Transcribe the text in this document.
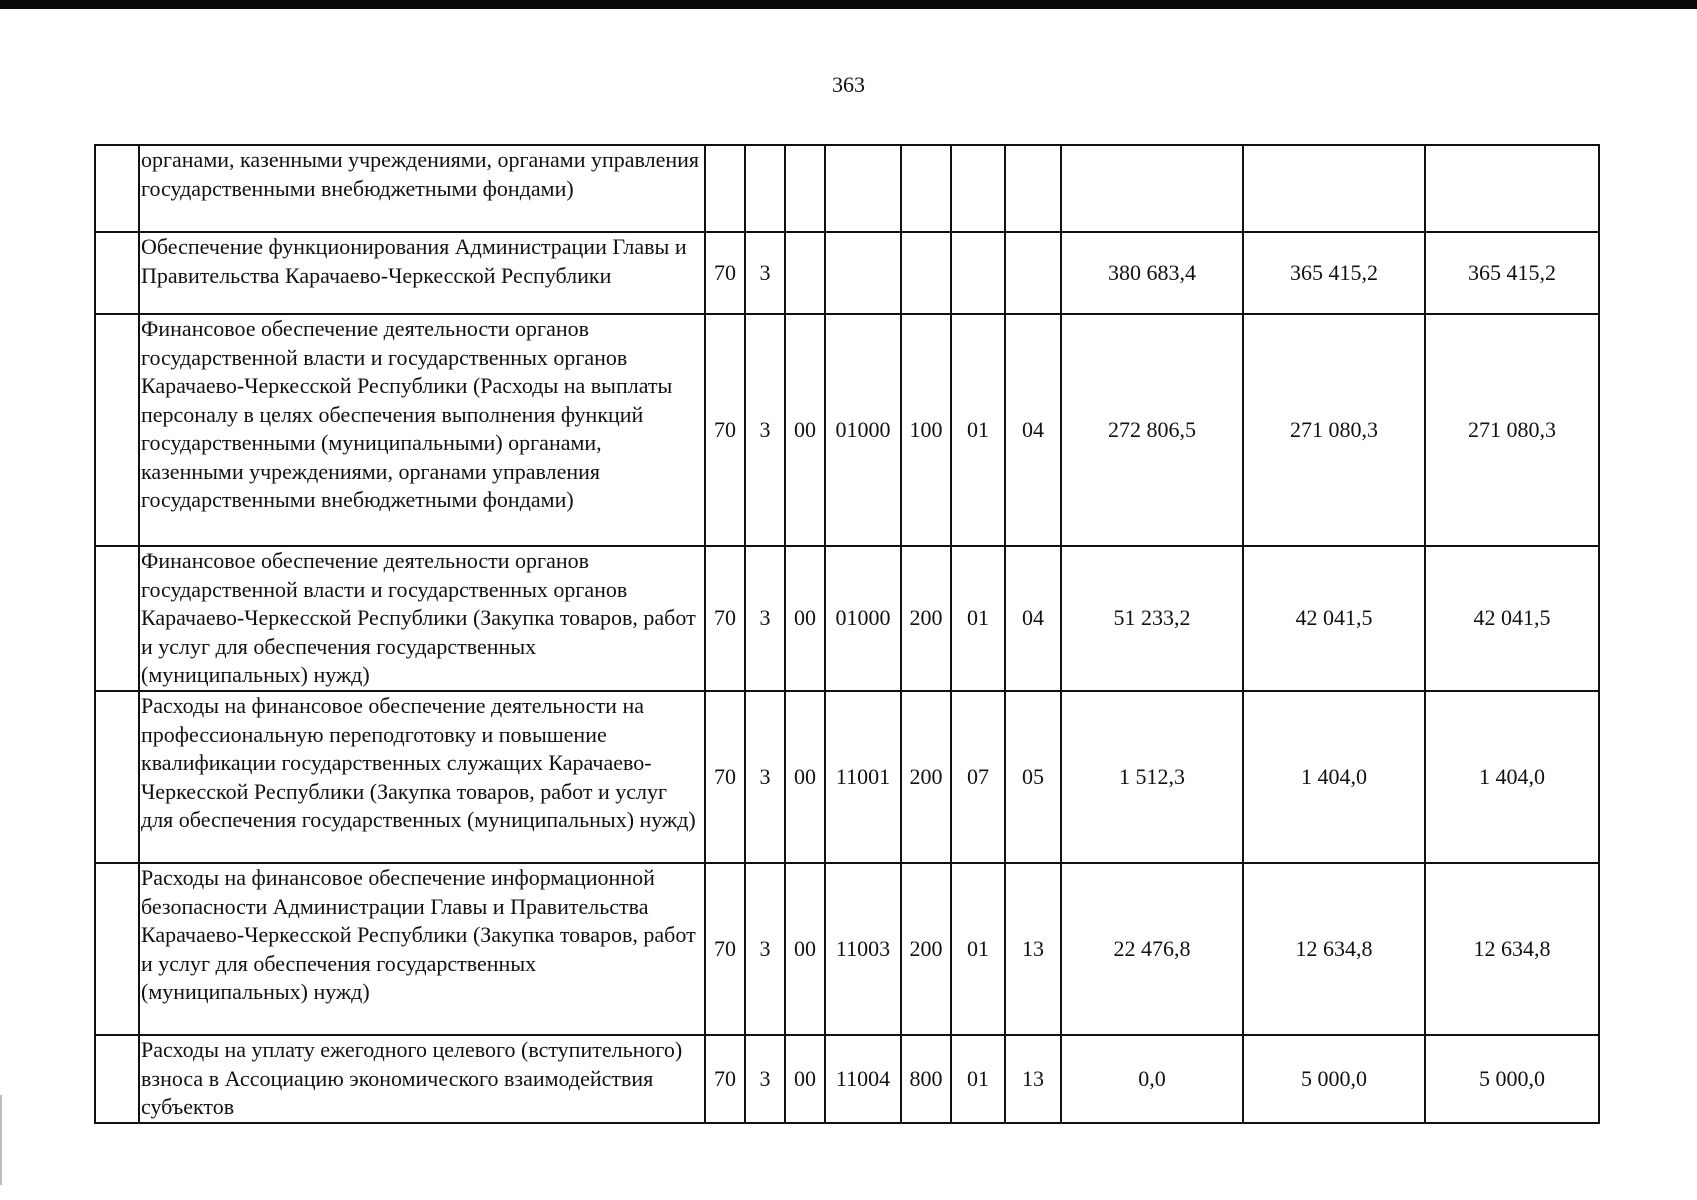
363
	органами, казенными учреждениями, органами управления государственными внебюджетными фондами)										
	Обеспечение функционирования Администрации Главы и Правительства Карачаево-Черкесской Республики	70	3						380 683,4	365 415,2	365 415,2
	Финансовое обеспечение деятельности органов государственной власти и государственных органов Карачаево-Черкесской Республики (Расходы на выплаты персоналу в целях обеспечения выполнения функций государственными (муниципальными) органами, казенными учреждениями, органами управления государственными внебюджетными фондами)	70	3	00	01000	100	01	04	272 806,5	271 080,3	271 080,3
	Финансовое обеспечение деятельности органов государственной власти и государственных органов Карачаево-Черкесской Республики (Закупка товаров, работ и услуг для обеспечения государственных (муниципальных) нужд)	70	3	00	01000	200	01	04	51 233,2	42 041,5	42 041,5
	Расходы на финансовое обеспечение деятельности на профессиональную переподготовку и повышение квалификации государственных служащих Карачаево-Черкесской Республики (Закупка товаров, работ и услуг для обеспечения государственных (муниципальных) нужд)	70	3	00	11001	200	07	05	1 512,3	1 404,0	1 404,0
	Расходы на финансовое обеспечение информационной безопасности Администрации Главы и Правительства Карачаево-Черкесской Республики (Закупка товаров, работ и услуг для обеспечения государственных (муниципальных) нужд)	70	3	00	11003	200	01	13	22 476,8	12 634,8	12 634,8
	Расходы на уплату ежегодного целевого (вступительного) взноса в Ассоциацию экономического взаимодействия субъектов	70	3	00	11004	800	01	13	0,0	5 000,0	5 000,0
